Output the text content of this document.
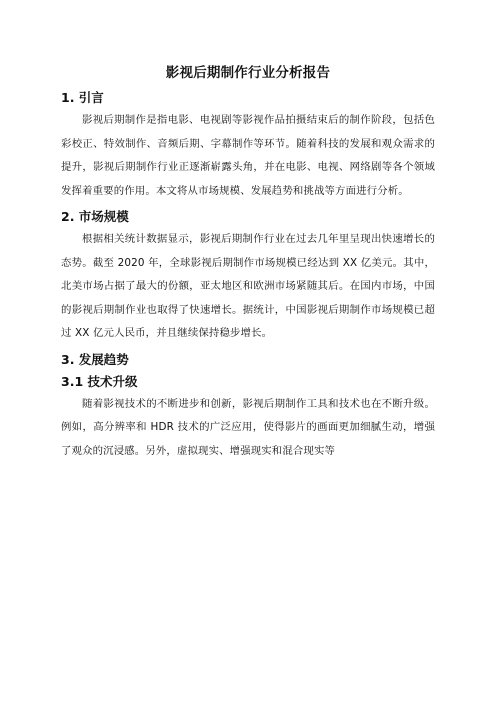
影视后期制作行业分析报告
1. 引言

影视后期制作是指电影、电视剧等影视作品拍摄结束后的制作阶段，包括色彩校正、特效制作、音频后期、字幕制作等环节。随着科技的发展和观众需求的提升，影视后期制作行业正逐渐崭露头角，并在电影、电视、网络剧等各个领域发挥着重要的作用。本文将从市场规模、发展趋势和挑战等方面进行分析。

2. 市场规模

根据相关统计数据显示，影视后期制作行业在过去几年里呈现出快速增长的态势。截至 2020 年，全球影视后期制作市场规模已经达到 XX 亿美元。其中，北美市场占据了最大的份额，亚太地区和欧洲市场紧随其后。在国内市场，中国的影视后期制作业也取得了快速增长。据统计，中国影视后期制作市场规模已超过 XX 亿元人民币，并且继续保持稳步增长。

3. 发展趋势
3.1 技术升级

随着影视技术的不断进步和创新，影视后期制作工具和技术也在不断升级。例如，高分辨率和 HDR 技术的广泛应用，使得影片的画面更加细腻生动，增强了观众的沉浸感。另外，虚拟现实、增强现实和混合现实等
